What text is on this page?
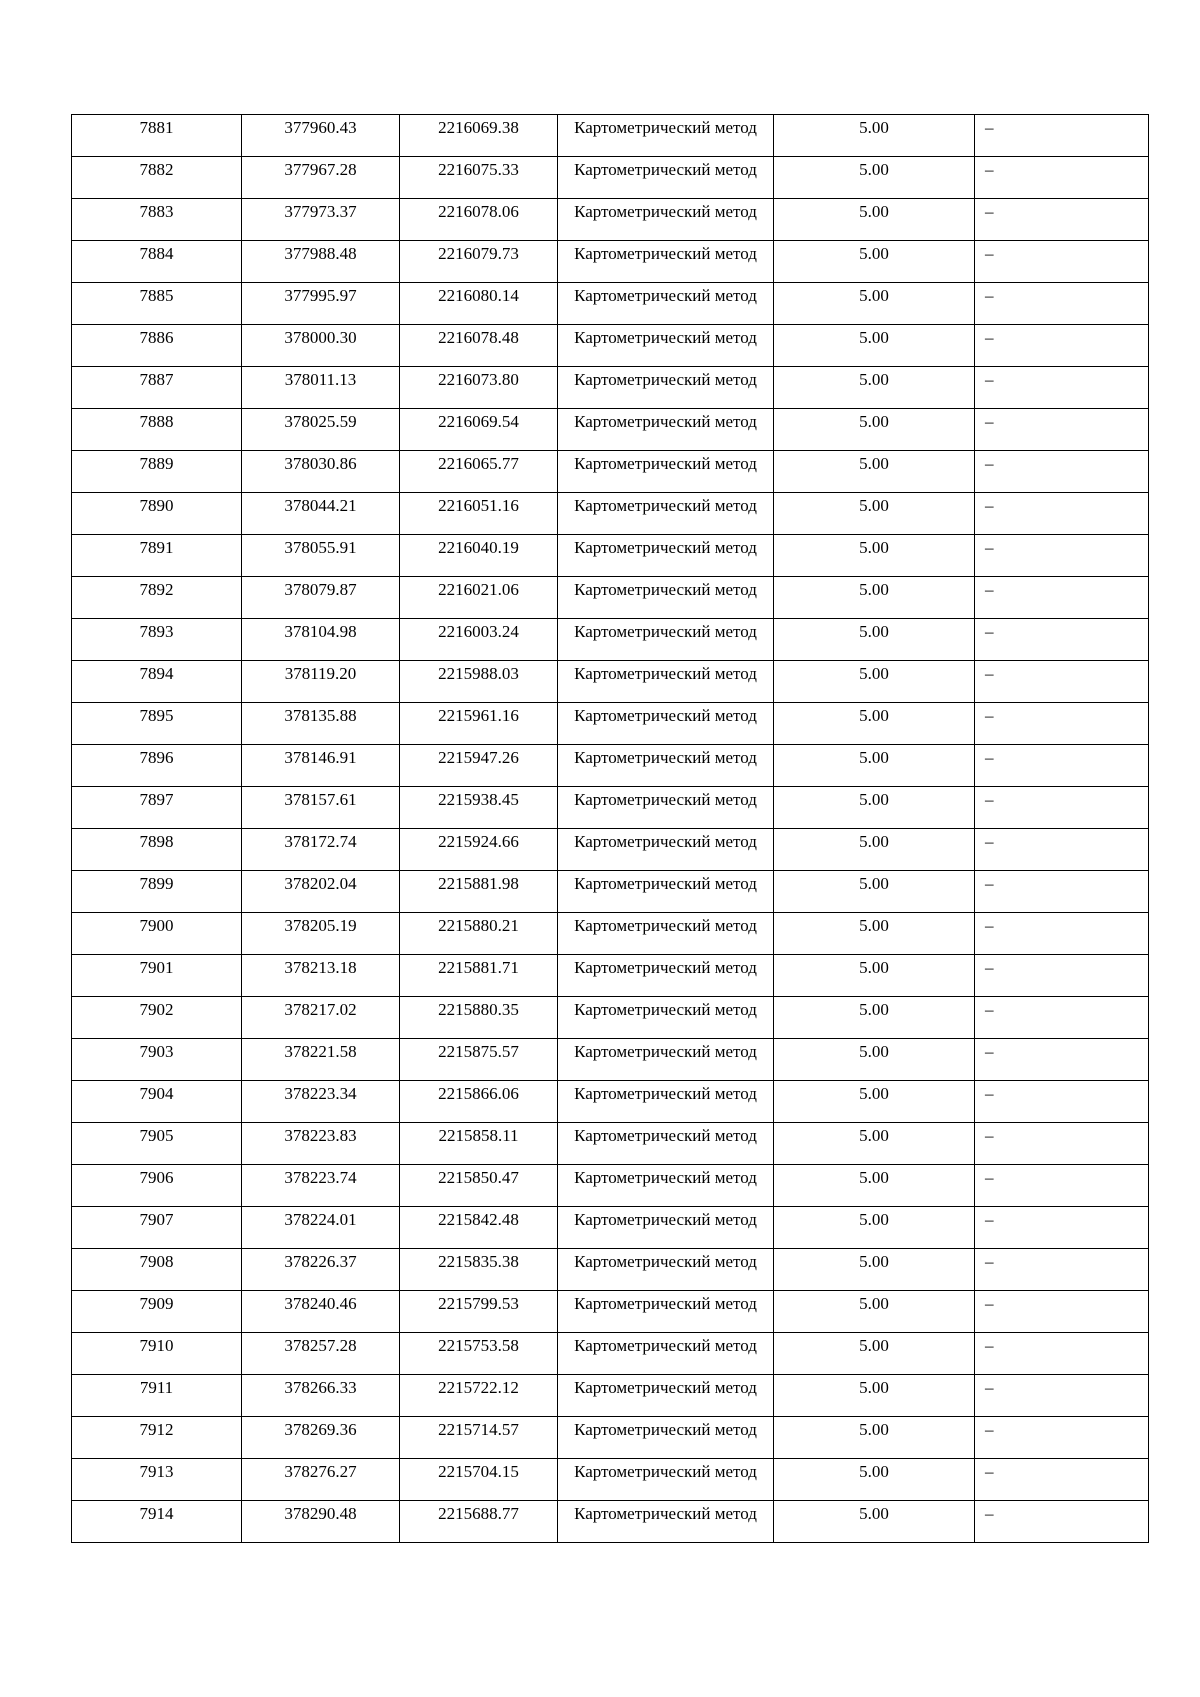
7881	377960.43	2216069.38	Картометрический метод	5.00	–

7882	377967.28	2216075.33	Картометрический метод	5.00	–

7883	377973.37	2216078.06	Картометрический метод	5.00	–

7884	377988.48	2216079.73	Картометрический метод	5.00	–

7885	377995.97	2216080.14	Картометрический метод	5.00	–

7886	378000.30	2216078.48	Картометрический метод	5.00	–

7887	378011.13	2216073.80	Картометрический метод	5.00	–

7888	378025.59	2216069.54	Картометрический метод	5.00	–

7889	378030.86	2216065.77	Картометрический метод	5.00	–

7890	378044.21	2216051.16	Картометрический метод	5.00	–

7891	378055.91	2216040.19	Картометрический метод	5.00	–

7892	378079.87	2216021.06	Картометрический метод	5.00	–

7893	378104.98	2216003.24	Картометрический метод	5.00	–

7894	378119.20	2215988.03	Картометрический метод	5.00	–

7895	378135.88	2215961.16	Картометрический метод	5.00	–

7896	378146.91	2215947.26	Картометрический метод	5.00	–

7897	378157.61	2215938.45	Картометрический метод	5.00	–

7898	378172.74	2215924.66	Картометрический метод	5.00	–

7899	378202.04	2215881.98	Картометрический метод	5.00	–

7900	378205.19	2215880.21	Картометрический метод	5.00	–

7901	378213.18	2215881.71	Картометрический метод	5.00	–

7902	378217.02	2215880.35	Картометрический метод	5.00	–

7903	378221.58	2215875.57	Картометрический метод	5.00	–

7904	378223.34	2215866.06	Картометрический метод	5.00	–

7905	378223.83	2215858.11	Картометрический метод	5.00	–

7906	378223.74	2215850.47	Картометрический метод	5.00	–

7907	378224.01	2215842.48	Картометрический метод	5.00	–

7908	378226.37	2215835.38	Картометрический метод	5.00	–

7909	378240.46	2215799.53	Картометрический метод	5.00	–

7910	378257.28	2215753.58	Картометрический метод	5.00	–

7911	378266.33	2215722.12	Картометрический метод	5.00	–

7912	378269.36	2215714.57	Картометрический метод	5.00	–

7913	378276.27	2215704.15	Картометрический метод	5.00	–

7914	378290.48	2215688.77	Картометрический метод	5.00	–
